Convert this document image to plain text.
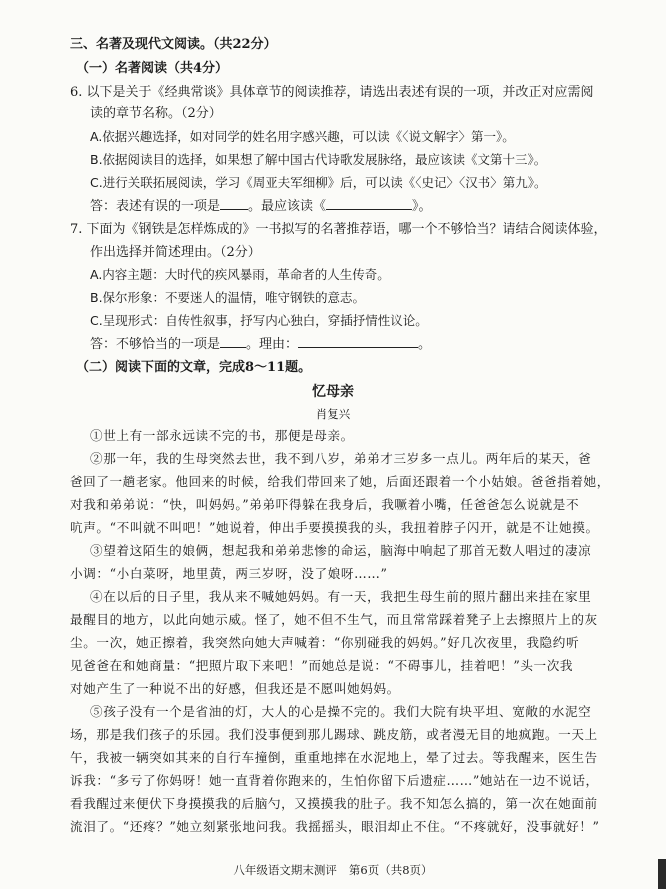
三、名著及现代文阅读。（共22分）
（一）名著阅读（共4分）
6. 以下是关于《经典常谈》具体章节的阅读推荐，请选出表述有误的一项，并改正对应需阅
读的章节名称。（2分）
A.依据兴趣选择，如对同学的姓名用字感兴趣，可以读《〈说文解字〉第一》。
B.依据阅读目的选择，如果想了解中国古代诗歌发展脉络，最应该读《文第十三》。
C.进行关联拓展阅读，学习《周亚夫军细柳》后，可以读《〈史记〉〈汉书〉第九》。
答：表述有误的一项是 。最应该读《	》。
7. 下面为《钢铁是怎样炼成的》一书拟写的名著推荐语，哪一个不够恰当？请结合阅读体验，
作出选择并简述理由。（2分）
A.内容主题：大时代的疾风暴雨，革命者的人生传奇。
B.保尔形象：不要迷人的温情，唯守钢铁的意志。
C.呈现形式：自传性叙事，抒写内心独白，穿插抒情性议论。
答：不够恰当的一项是 。理由：	。
（二）阅读下面的文章，完成8～11题。
忆母亲
肖复兴
①世上有一部永远读不完的书，那便是母亲。
②那一年，我的生母突然去世，我不到八岁，弟弟才三岁多一点儿。两年后的某天，爸
爸回了一趟老家。他回来的时候，给我们带回来了她，后面还跟着一个小姑娘。爸爸指着她，
对我和弟弟说：“快，叫妈妈。”弟弟吓得躲在我身后，我噘着小嘴，任爸爸怎么说就是不
吭声。“不叫就不叫吧！”她说着，伸出手要摸摸我的头，我扭着脖子闪开，就是不让她摸。
③望着这陌生的娘俩，想起我和弟弟悲惨的命运，脑海中响起了那首无数人唱过的凄凉
小调：“小白菜呀，地里黄，两三岁呀，没了娘呀……”
④在以后的日子里，我从来不喊她妈妈。有一天，我把生母生前的照片翻出来挂在家里
最醒目的地方，以此向她示威。怪了，她不但不生气，而且常常踩着凳子上去擦照片上的灰
尘。一次，她正擦着，我突然向她大声喊着：“你别碰我的妈妈。”好几次夜里，我隐约听
见爸爸在和她商量：“把照片取下来吧！”而她总是说：“不碍事儿，挂着吧！”头一次我
对她产生了一种说不出的好感，但我还是不愿叫她妈妈。
⑤孩子没有一个是省油的灯，大人的心是操不完的。我们大院有块平坦、宽敞的水泥空
场，那是我们孩子的乐园。我们没事便到那儿踢球、跳皮筋，或者漫无目的地疯跑。一天上
午，我被一辆突如其来的自行车撞倒，重重地摔在水泥地上，晕了过去。等我醒来，医生告
诉我：“多亏了你妈呀！她一直背着你跑来的，生怕你留下后遗症……”她站在一边不说话，
看我醒过来便伏下身摸摸我的后脑勺，又摸摸我的肚子。我不知怎么搞的，第一次在她面前
流泪了。“还疼？”她立刻紧张地问我。我摇摇头，眼泪却止不住。“不疼就好，没事就好！”
八年级语文期末测评 第6页（共8页）
